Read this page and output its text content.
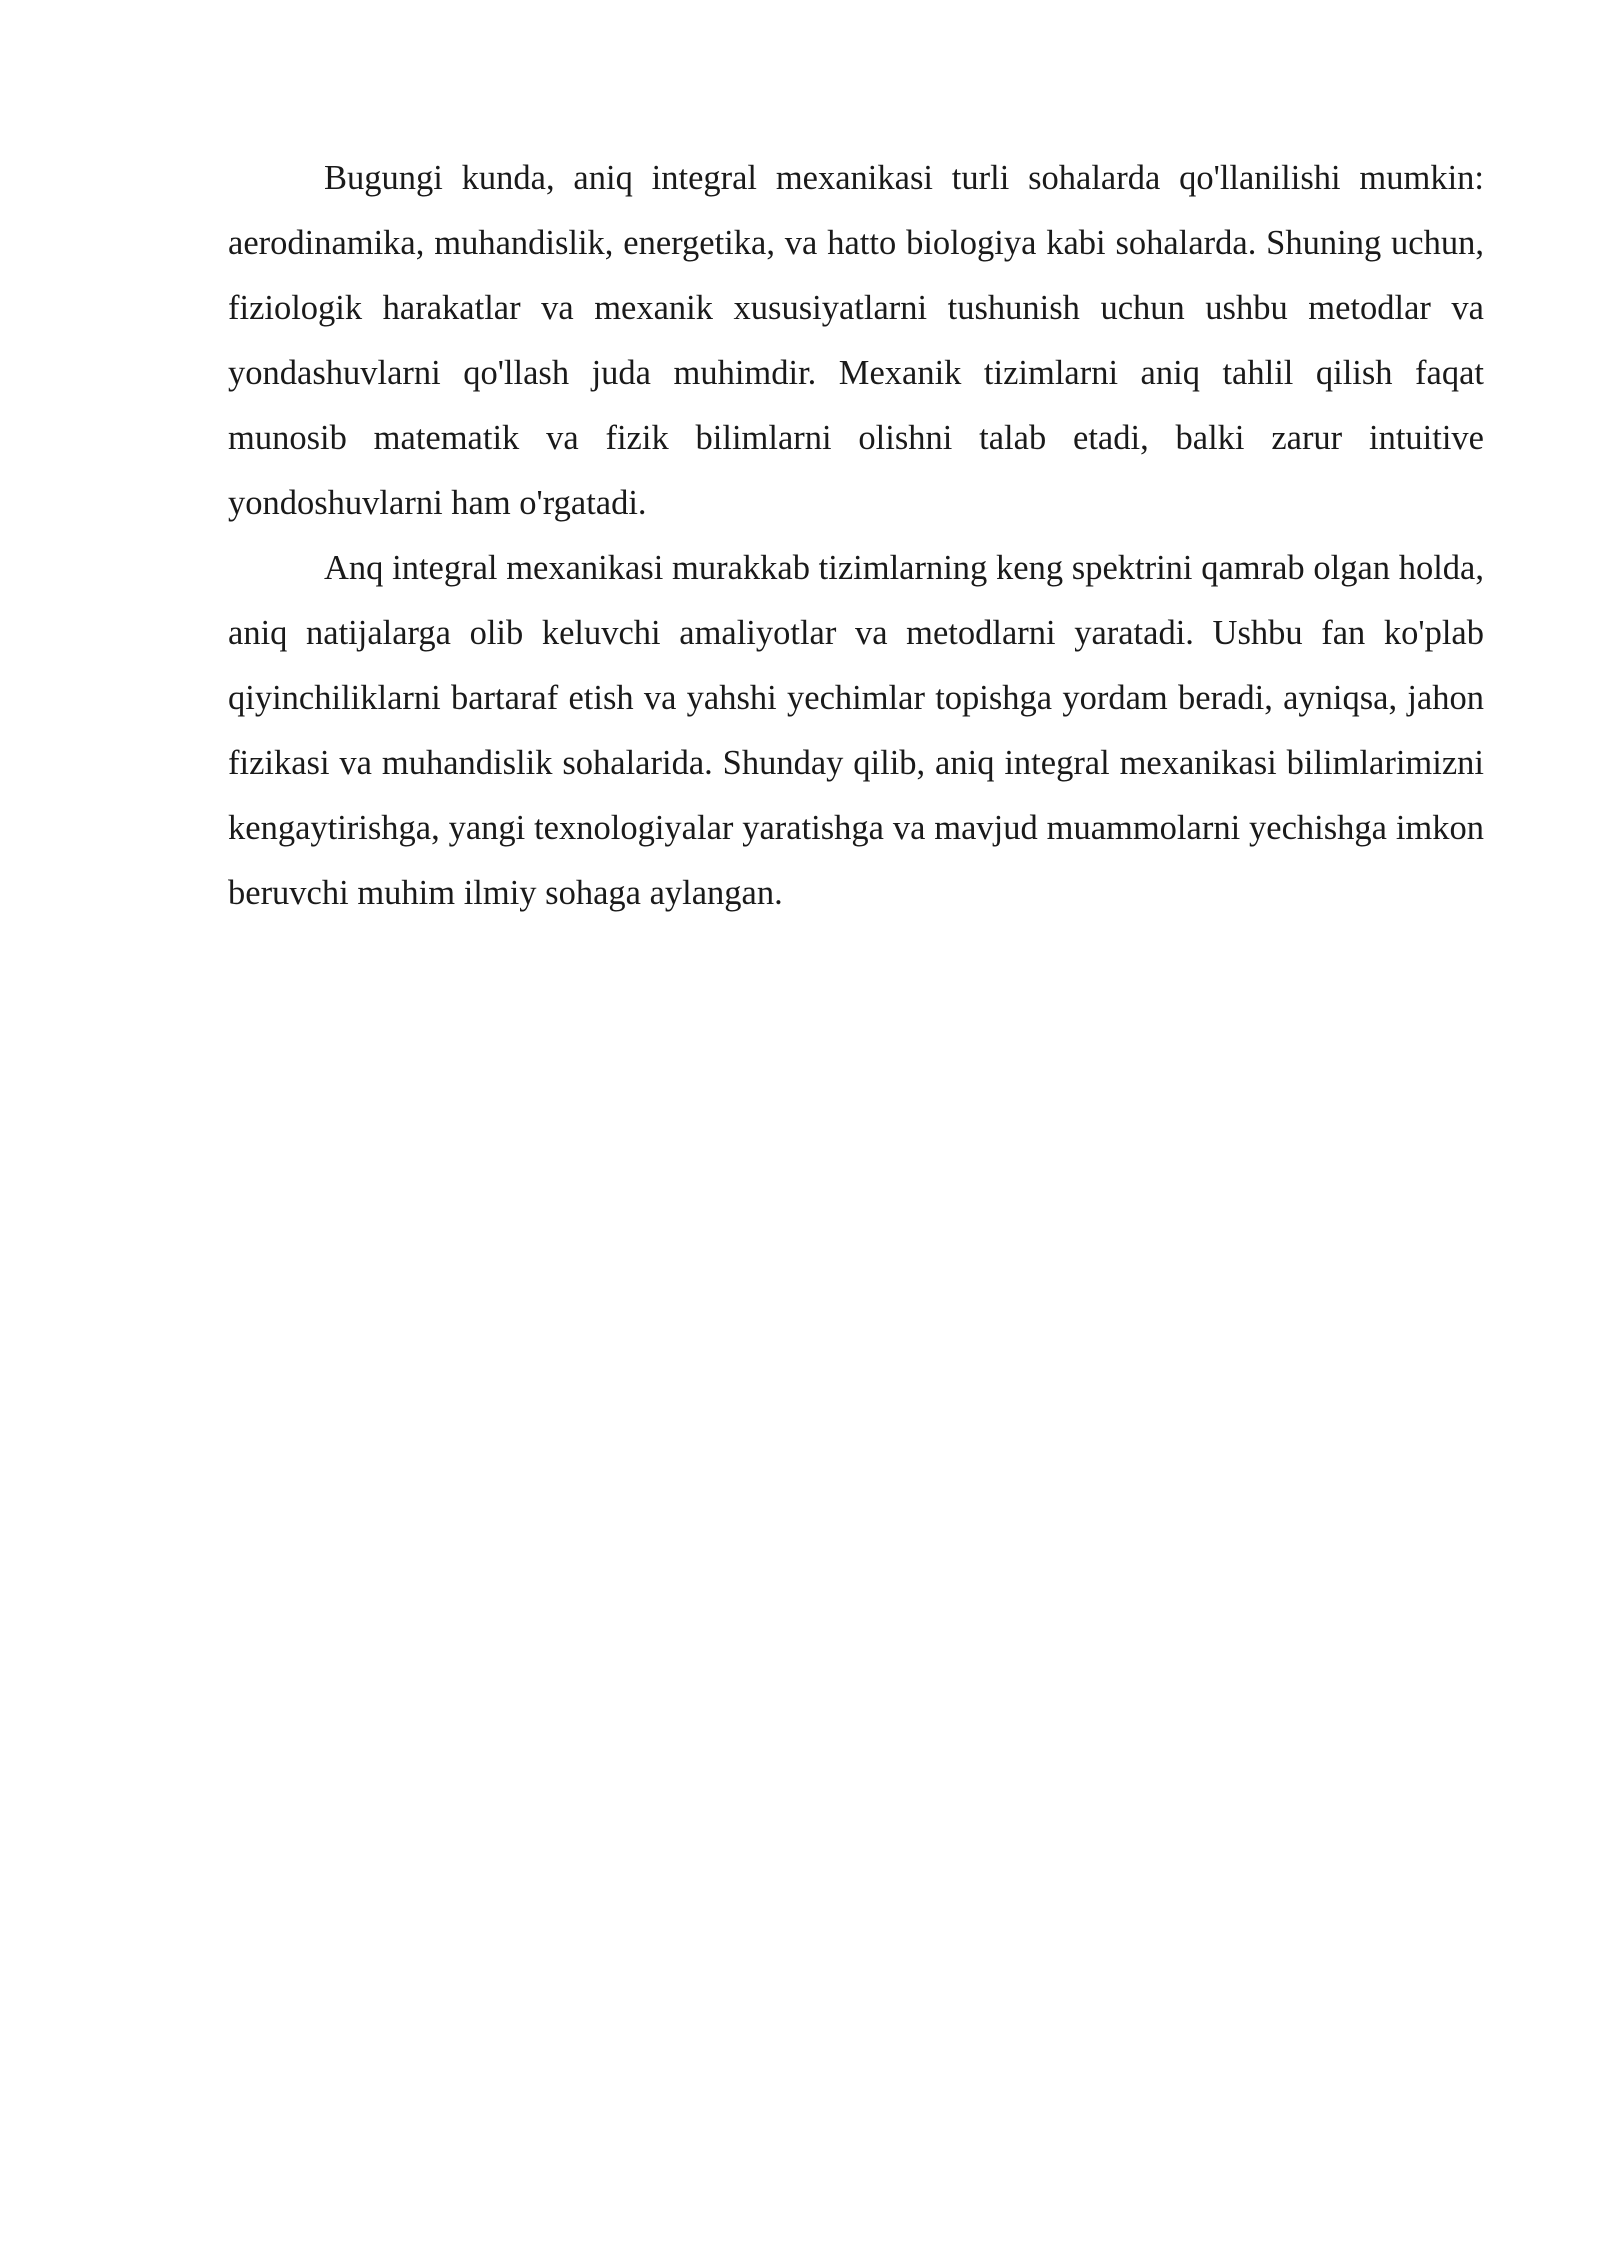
Bugungi kunda, aniq integral mexanikasi turli sohalarda qo'llanilishi mumkin: aerodinamika, muhandislik, energetika, va hatto biologiya kabi sohalarda. Shuning uchun, fiziologik harakatlar va mexanik xususiyatlarni tushunish uchun ushbu metodlar va yondashuvlarni qo'llash juda muhimdir. Mexanik tizimlarni aniq tahlil qilish faqat munosib matematik va fizik bilimlarni olishni talab etadi, balki zarur intuitive yondoshuvlarni ham o'rgatadi.

Anq integral mexanikasi murakkab tizimlarning keng spektrini qamrab olgan holda, aniq natijalarga olib keluvchi amaliyotlar va metodlarni yaratadi. Ushbu fan ko'plab qiyinchiliklarni bartaraf etish va yahshi yechimlar topishga yordam beradi, ayniqsa, jahon fizikasi va muhandislik sohalarida. Shunday qilib, aniq integral mexanikasi bilimlarimizni kengaytirishga, yangi texnologiyalar yaratishga va mavjud muammolarni yechishga imkon beruvchi muhim ilmiy sohaga aylangan.
